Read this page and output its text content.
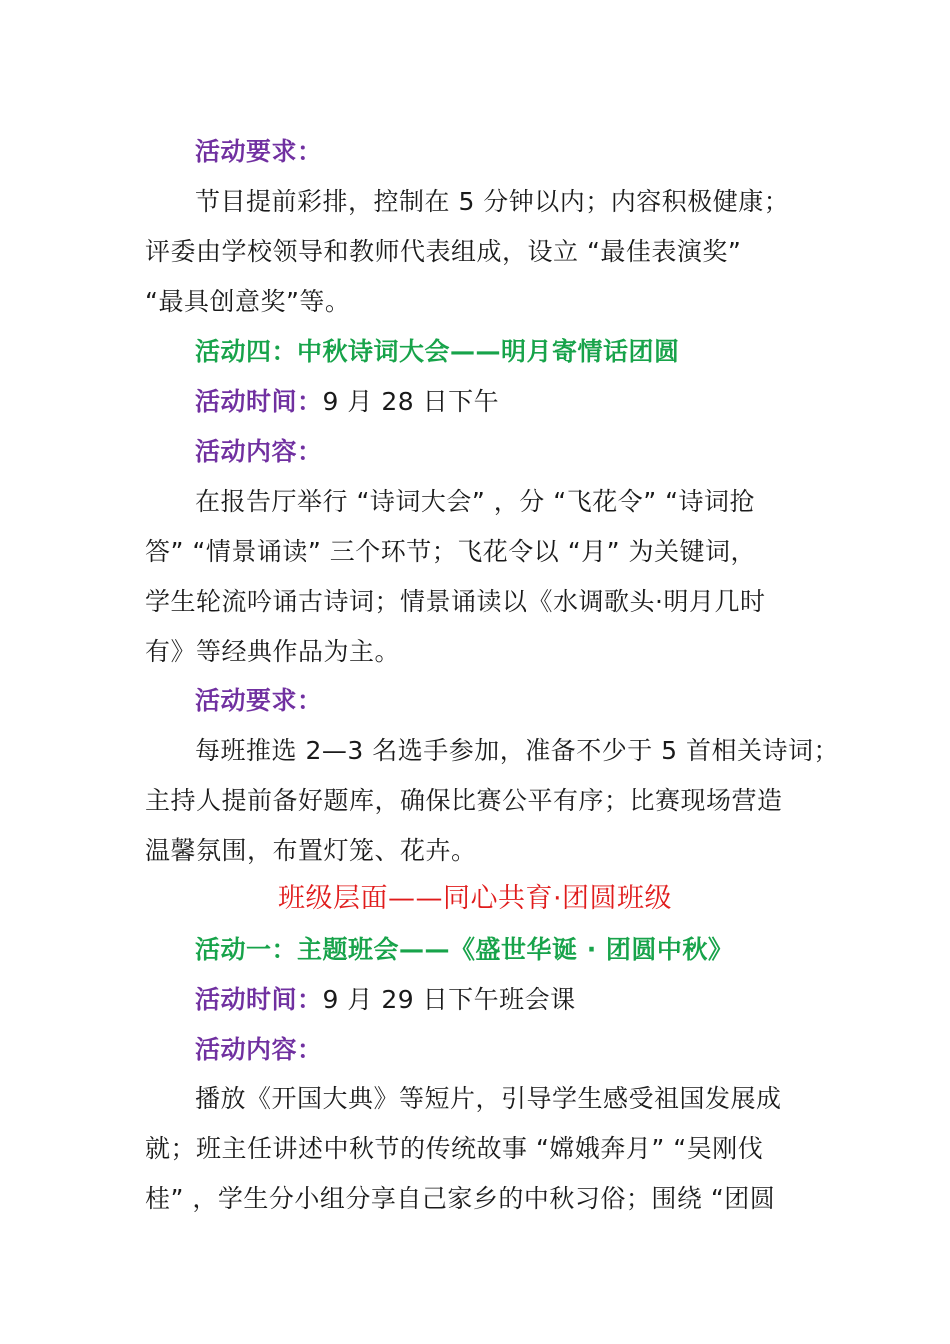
活动要求：
节目提前彩排，控制在 5 分钟以内；内容积极健康；
评委由学校领导和教师代表组成，设立 “最佳表演奖”
“最具创意奖”等。
活动四：中秋诗词大会——明月寄情话团圆
活动时间：9 月 28 日下午
活动内容：
在报告厅举行 “诗词大会” ，分 “飞花令” “诗词抢
答” “情景诵读” 三个环节；飞花令以 “月” 为关键词，
学生轮流吟诵古诗词；情景诵读以《水调歌头·明月几时
有》等经典作品为主。
活动要求：
每班推选 2—3 名选手参加，准备不少于 5 首相关诗词；
主持人提前备好题库，确保比赛公平有序；比赛现场营造
温馨氛围，布置灯笼、花卉。
班级层面——同心共育·团圆班级
活动一：主题班会——《盛世华诞 · 团圆中秋》
活动时间：9 月 29 日下午班会课
活动内容：
播放《开国大典》等短片，引导学生感受祖国发展成
就；班主任讲述中秋节的传统故事 “嫦娥奔月” “吴刚伐
桂” ，学生分小组分享自己家乡的中秋习俗；围绕 “团圆
